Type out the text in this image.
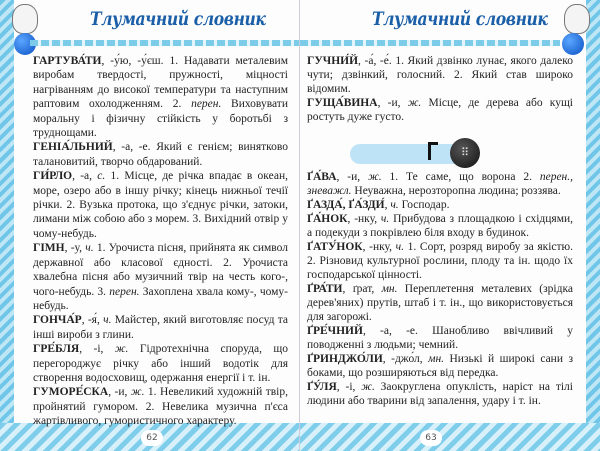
Тлумачний словник

ГАРТУВА́ТИ, -у́ю, -у́єш. 1. Надавати металевим виробам твердості, пружності, міцності нагріванням до високої температури та наступним раптовим охолодженням. 2. перен. Виховувати моральну і фізичну стійкість у боротьбі з труднощами.

ГЕНІА́ЛЬНИЙ, -а, -е. Який є генієм; винятково талановитий, творчо обдарований.

ГИ́РЛО, -а, с. 1. Місце, де річка впадає в океан, море, озеро або в іншу річку; кінець нижньої течії річки. 2. Вузька протока, що з'єднує річки, затоки, лимани між собою або з морем. 3. Вихідний отвір у чому-небудь.

ГІМН, -у, ч. 1. Урочиста пісня, прийнята як символ державної або класової єдності. 2. Урочиста хвалебна пісня або музичний твір на честь кого-, чого-небудь. 3. перен. Захоплена хвала кому-, чому-небудь.

ГОНЧА́Р, -я́, ч. Майстер, який виготовляє посуд та інші вироби з глини.

ГРЕ́БЛЯ, -і, ж. Гідротехнічна споруда, що перегороджує річку або інший водотік для створення водосховищ, одержання енергії і т. ін.

ГУМОРЕ́СКА, -и, ж. 1. Невеликий художній твір, пройнятий гумором. 2. Невелика музична п'єса жартівливого, гумористичного характеру.

62
Тлумачний словник

ГУЧНИ́Й, -а́, -е́. 1. Який дзвінко лунає, якого далеко чути; дзвінкий, голосний. 2. Який став широко відомим.

ГУЩА́ВИНА, -и, ж. Місце, де дерева або кущі ростуть дуже густо.

⠿

ҐА́ВА, -и, ж. 1. Те саме, що ворона 2. перен., зневажл. Неуважна, нерозторопна людина; роззява.

ҐАЗДА́, ҐА́ЗДИ́, ч. Господар.

ҐА́НОК, -нку, ч. Прибудова з площадкою і східцями, а подекуди з покрівлею біля входу в будинок.

ҐАТУ́НОК, -нку, ч. 1. Сорт, розряд виробу за якістю. 2. Різновид культурної рослини, плоду та ін. щодо їх господарської цінності.

ҐРА́ТИ, ґрат, мн. Переплетення металевих (зрідка дерев'яних) прутів, штаб і т. ін., що використовується для загорожі.

ҐРЕ́ЧНИЙ, -а, -е. Шанобливо ввічливий у поводженні з людьми; чемний.

ҐРИНДЖО́ЛИ, -джо́л, мн. Низькі й широкі сани з боками, що розширяються від передка.

ҐУ́ЛЯ, -і, ж. Заокруглена опуклість, наріст на тілі людини або тварини від запалення, удару і т. ін.

63
